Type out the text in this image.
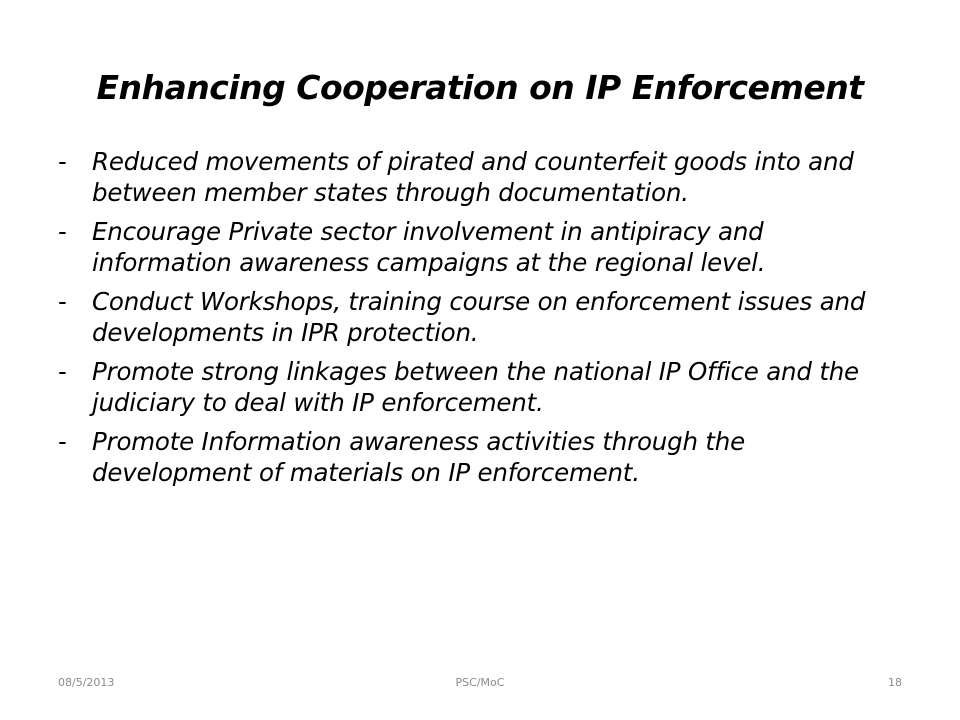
Enhancing Cooperation on IP Enforcement
- Reduced movements of pirated and counterfeit goods into and between member states through documentation.
- Encourage Private sector involvement in antipiracy and information awareness campaigns at the regional level.
- Conduct Workshops, training course on enforcement issues and developments in IPR protection.
- Promote strong linkages between the national IP Office and the judiciary to deal with IP enforcement.
- Promote Information awareness activities through the development of materials on IP enforcement.
08/5/2013	PSC/MoC	18
